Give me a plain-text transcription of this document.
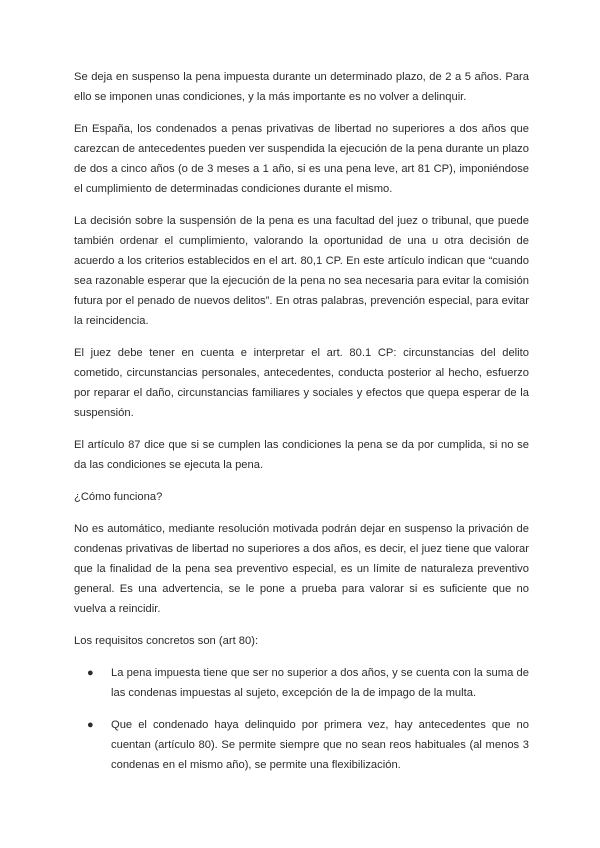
Se deja en suspenso la pena impuesta durante un determinado plazo, de 2 a 5 años. Para ello se imponen unas condiciones, y la más importante es no volver a delinquir.

En España, los condenados a penas privativas de libertad no superiores a dos años que carezcan de antecedentes pueden ver suspendida la ejecución de la pena durante un plazo de dos a cinco años (o de 3 meses a 1 año, si es una pena leve, art 81 CP), imponiéndose el cumplimiento de determinadas condiciones durante el mismo.

La decisión sobre la suspensión de la pena es una facultad del juez o tribunal, que puede también ordenar el cumplimiento, valorando la oportunidad de una u otra decisión de acuerdo a los criterios establecidos en el art. 80,1 CP. En este artículo indican que “cuando sea razonable esperar que la ejecución de la pena no sea necesaria para evitar la comisión futura por el penado de nuevos delitos”. En otras palabras, prevención especial, para evitar la reincidencia.

El juez debe tener en cuenta e interpretar el art. 80.1 CP: circunstancias del delito cometido, circunstancias personales, antecedentes, conducta posterior al hecho, esfuerzo por reparar el daño, circunstancias familiares y sociales y efectos que quepa esperar de la suspensión.

El artículo 87 dice que si se cumplen las condiciones la pena se da por cumplida, si no se da las condiciones se ejecuta la pena.

¿Cómo funciona?

No es automático, mediante resolución motivada podrán dejar en suspenso la privación de condenas privativas de libertad no superiores a dos años, es decir, el juez tiene que valorar que la finalidad de la pena sea preventivo especial, es un límite de naturaleza preventivo general. Es una advertencia, se le pone a prueba para valorar si es suficiente que no vuelva a reincidir.

Los requisitos concretos son (art 80):

● La pena impuesta tiene que ser no superior a dos años, y se cuenta con la suma de las condenas impuestas al sujeto, excepción de la de impago de la multa.
● Que el condenado haya delinquido por primera vez, hay antecedentes que no cuentan (artículo 80). Se permite siempre que no sean reos habituales (al menos 3 condenas en el mismo año), se permite una flexibilización.
